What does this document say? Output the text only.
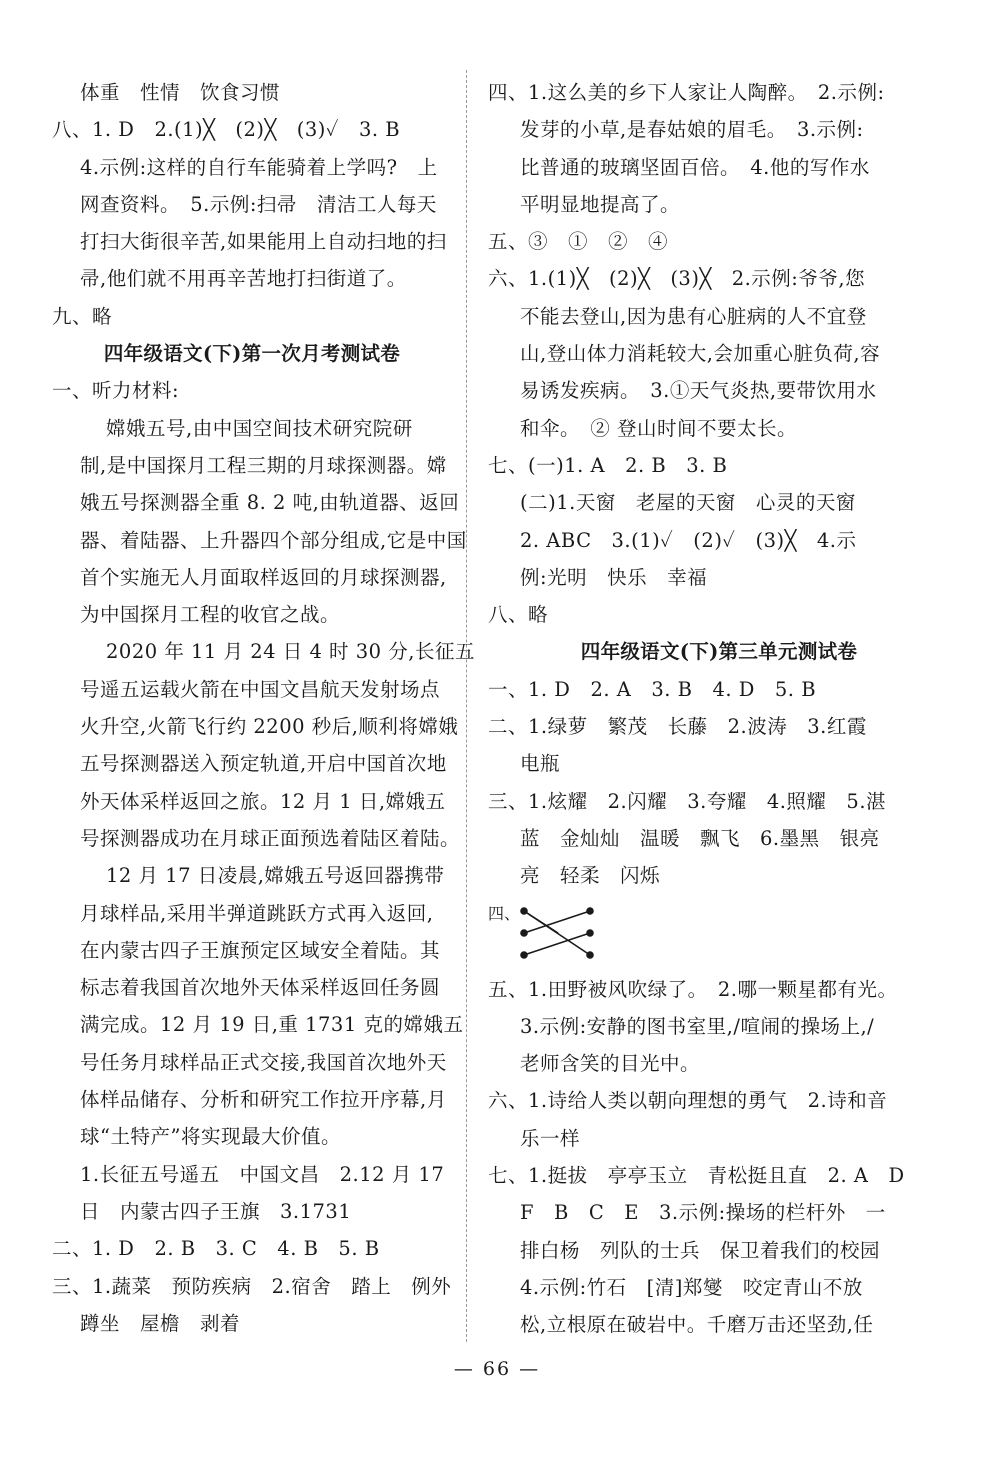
体重　性情　饮食习惯
八、1. D　2.(1)╳　(2)╳　(3)✓　3. B
4.示例:这样的自行车能骑着上学吗?　上
网查资料。　5.示例:扫帚　清洁工人每天
打扫大街很辛苦,如果能用上自动扫地的扫
帚,他们就不用再辛苦地打扫街道了。
九、略
四年级语文(下)第一次月考测试卷
一、听力材料:
嫦娥五号,由中国空间技术研究院研
制,是中国探月工程三期的月球探测器。嫦
娥五号探测器全重 8. 2 吨,由轨道器、返回
器、着陆器、上升器四个部分组成,它是中国
首个实施无人月面取样返回的月球探测器,
为中国探月工程的收官之战。
2020 年 11 月 24 日 4 时 30 分,长征五
号遥五运载火箭在中国文昌航天发射场点
火升空,火箭飞行约 2200 秒后,顺利将嫦娥
五号探测器送入预定轨道,开启中国首次地
外天体采样返回之旅。12 月 1 日,嫦娥五
号探测器成功在月球正面预选着陆区着陆。
12 月 17 日凌晨,嫦娥五号返回器携带
月球样品,采用半弹道跳跃方式再入返回,
在内蒙古四子王旗预定区域安全着陆。其
标志着我国首次地外天体采样返回任务圆
满完成。12 月 19 日,重 1731 克的嫦娥五
号任务月球样品正式交接,我国首次地外天
体样品储存、分析和研究工作拉开序幕,月
球“土特产”将实现最大价值。
1.长征五号遥五　中国文昌　2.12 月 17
日　内蒙古四子王旗　3.1731
二、1. D　2. B　3. C　4. B　5. B
三、1.蔬菜　预防疾病　2.宿舍　踏上　例外
蹲坐　屋檐　剥着
四、1.这么美的乡下人家让人陶醉。　2.示例:
发芽的小草,是春姑娘的眉毛。　3.示例:
比普通的玻璃坚固百倍。　4.他的写作水
平明显地提高了。
五、③　①　②　④
六、1.(1)╳　(2)╳　(3)╳　2.示例:爷爷,您
不能去登山,因为患有心脏病的人不宜登
山,登山体力消耗较大,会加重心脏负荷,容
易诱发疾病。　3.①天气炎热,要带饮用水
和伞。　② 登山时间不要太长。
七、(一)1. A　2. B　3. B
(二)1.天窗　老屋的天窗　心灵的天窗
2. ABC　3.(1)✓　(2)✓　(3)╳　4.示
例:光明　快乐　幸福
八、略
四年级语文(下)第三单元测试卷
一、1. D　2. A　3. B　4. D　5. B
二、1.绿萝　繁茂　长藤　2.波涛　3.红霞
电瓶
三、1.炫耀　2.闪耀　3.夸耀　4.照耀　5.湛
蓝　金灿灿　温暖　飘飞　6.墨黑　银亮
亮　轻柔　闪烁
四、
五、1.田野被风吹绿了。　2.哪一颗星都有光。
3.示例:安静的图书室里,/喧闹的操场上,/
老师含笑的目光中。
六、1.诗给人类以朝向理想的勇气　2.诗和音
乐一样
七、1.挺拔　亭亭玉立　青松挺且直　2. A　D
F　B　C　E　3.示例:操场的栏杆外　一
排白杨　列队的士兵　保卫着我们的校园
4.示例:竹石　[清]郑燮　咬定青山不放
松,立根原在破岩中。千磨万击还坚劲,任
— 66 —
